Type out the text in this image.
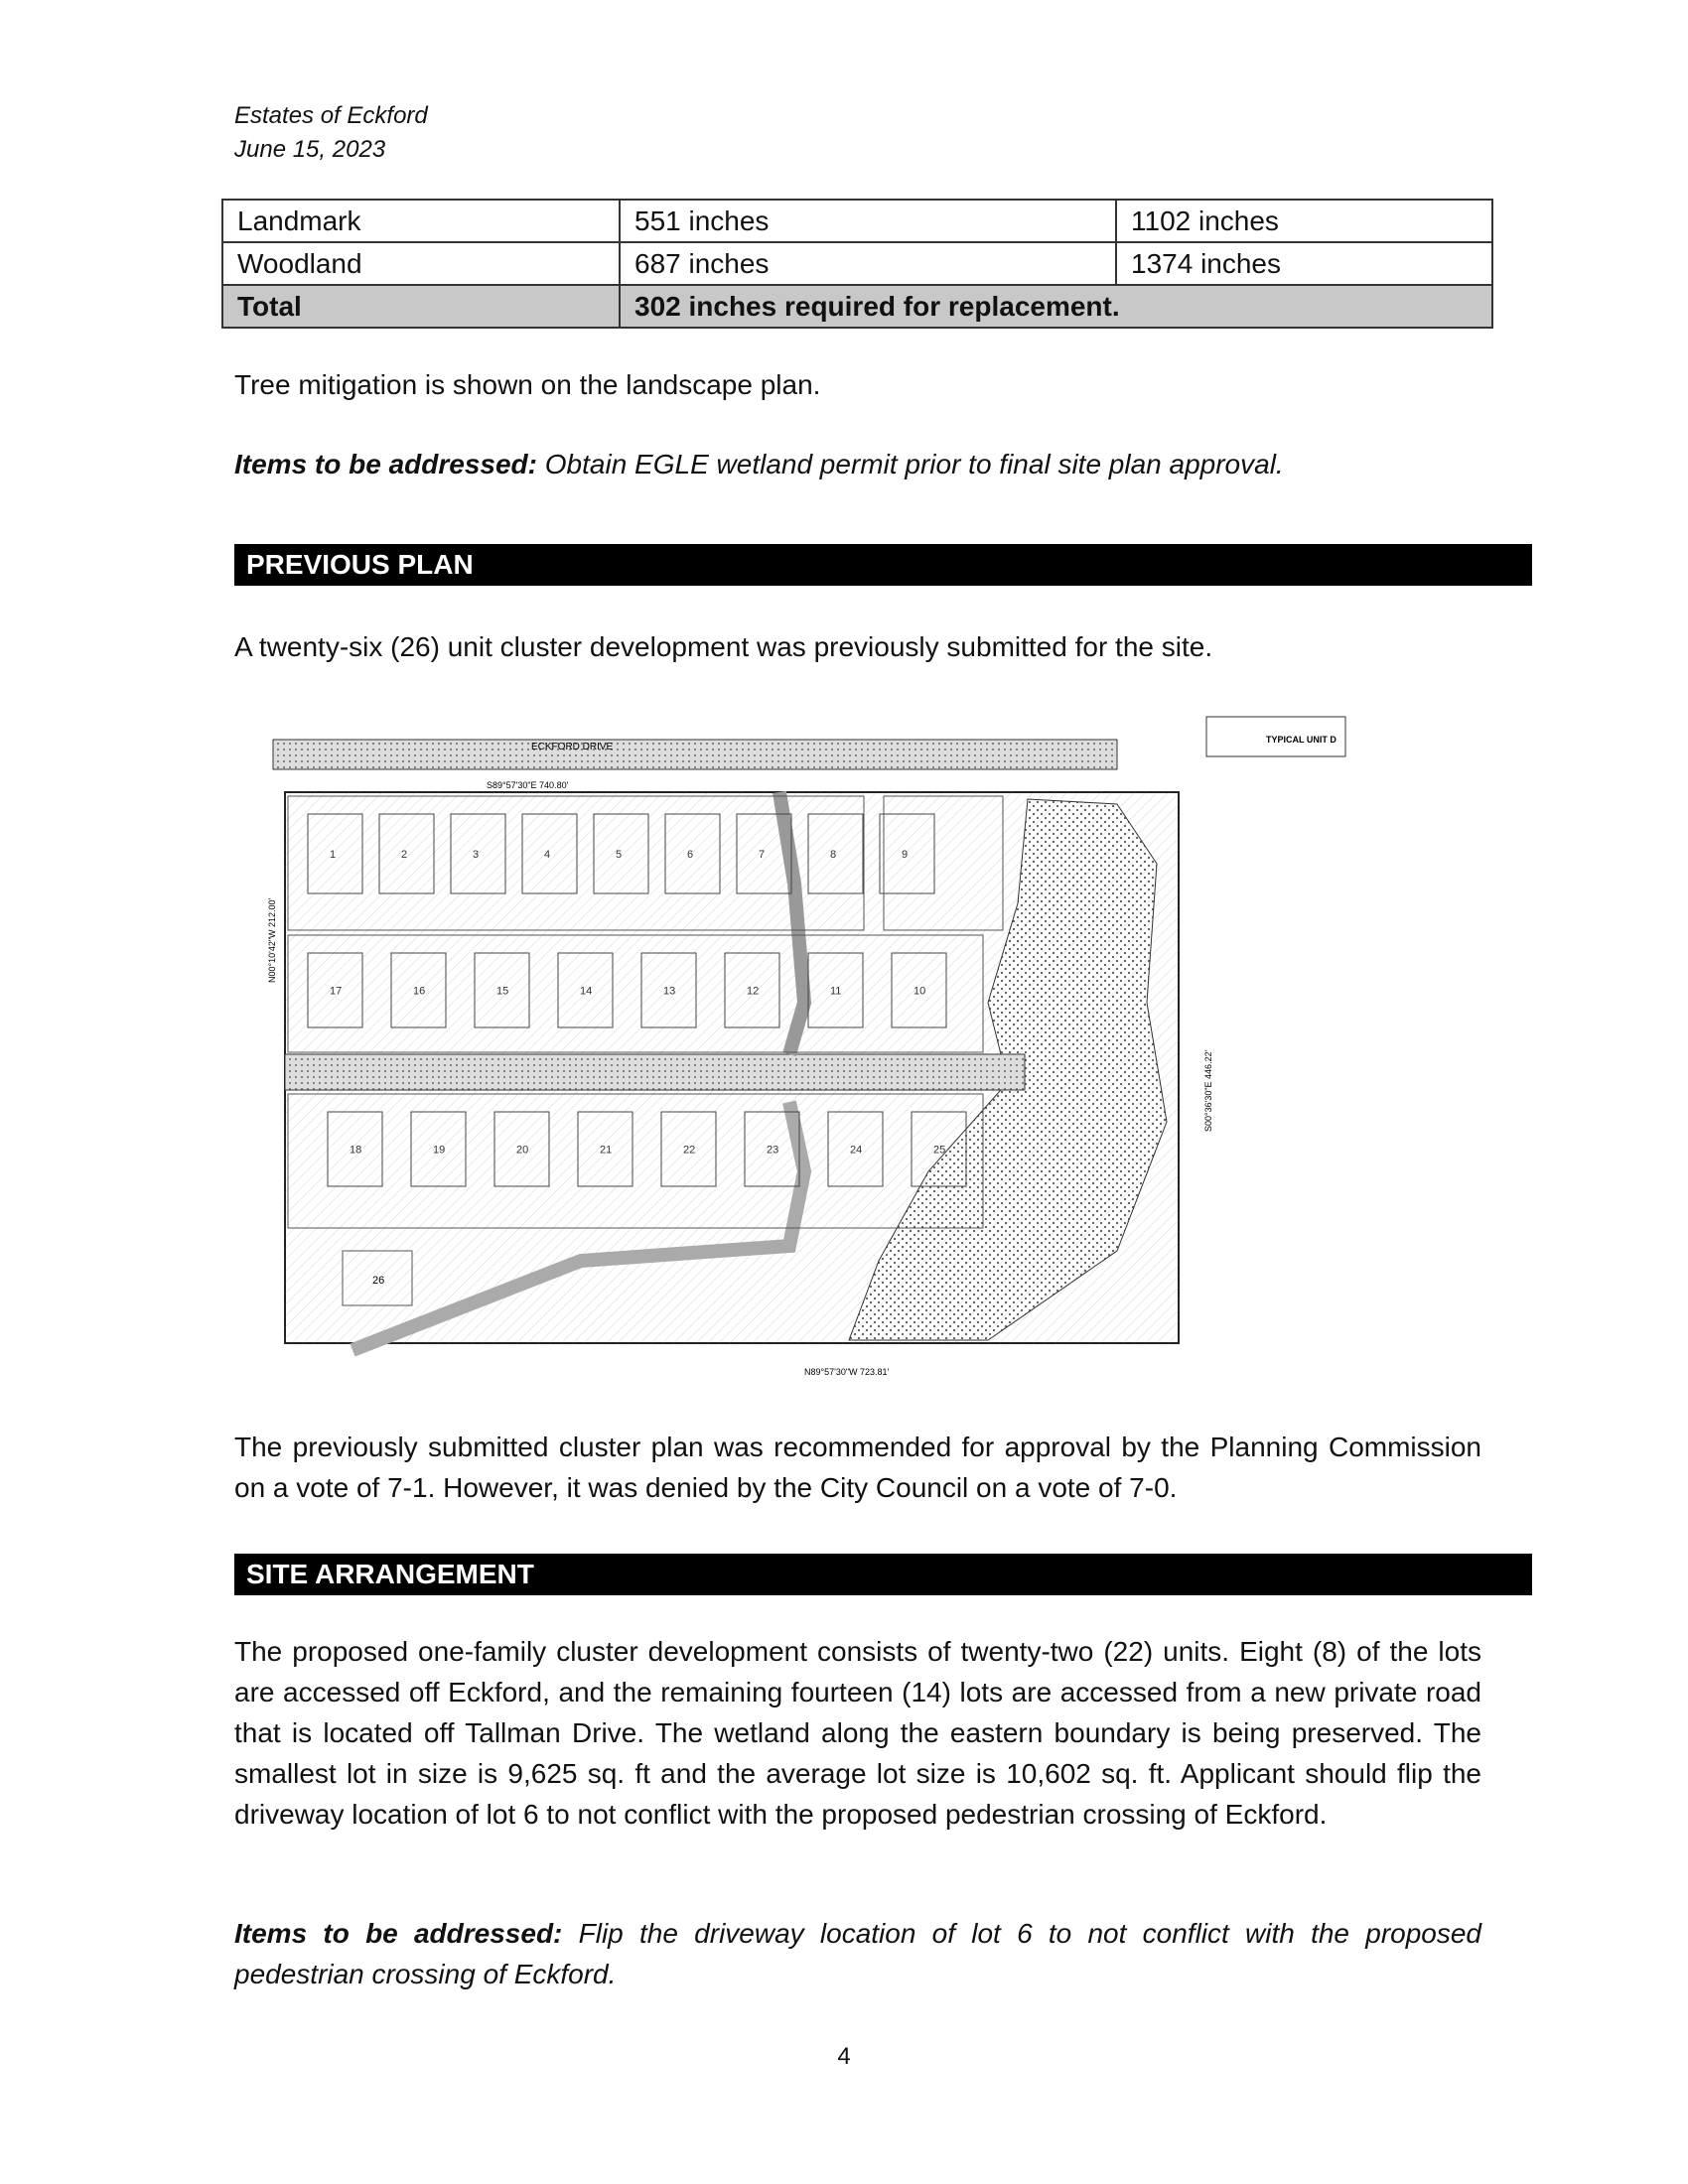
Estates of Eckford
June 15, 2023
Landmark	551 inches	1102 inches
Woodland	687 inches	1374 inches
Total	302 inches required for replacement.	
Tree mitigation is shown on the landscape plan.
Items to be addressed: Obtain EGLE wetland permit prior to final site plan approval.
PREVIOUS PLAN
A twenty-six (26) unit cluster development was previously submitted for the site.
ECKFORD DRIVE
S89°57'30"E 740.80'
1	2	3	4	5	6	7	8	9
17	16	15	14	13	12	11	10
18	19	20	21	22	23	24	25
26
N89°57'30"W 723.81'
S00°36'30"E 446.22'
N00°10'42"W 212.00'
TYPICAL UNIT D
The previously submitted cluster plan was recommended for approval by the Planning Commission on a vote of 7-1. However, it was denied by the City Council on a vote of 7-0.
SITE ARRANGEMENT
The proposed one-family cluster development consists of twenty-two (22) units. Eight (8) of the lots are accessed off Eckford, and the remaining fourteen (14) lots are accessed from a new private road that is located off Tallman Drive. The wetland along the eastern boundary is being preserved. The smallest lot in size is 9,625 sq. ft and the average lot size is 10,602 sq. ft. Applicant should flip the driveway location of lot 6 to not conflict with the proposed pedestrian crossing of Eckford.
Items to be addressed: Flip the driveway location of lot 6 to not conflict with the proposed pedestrian crossing of Eckford.
4
